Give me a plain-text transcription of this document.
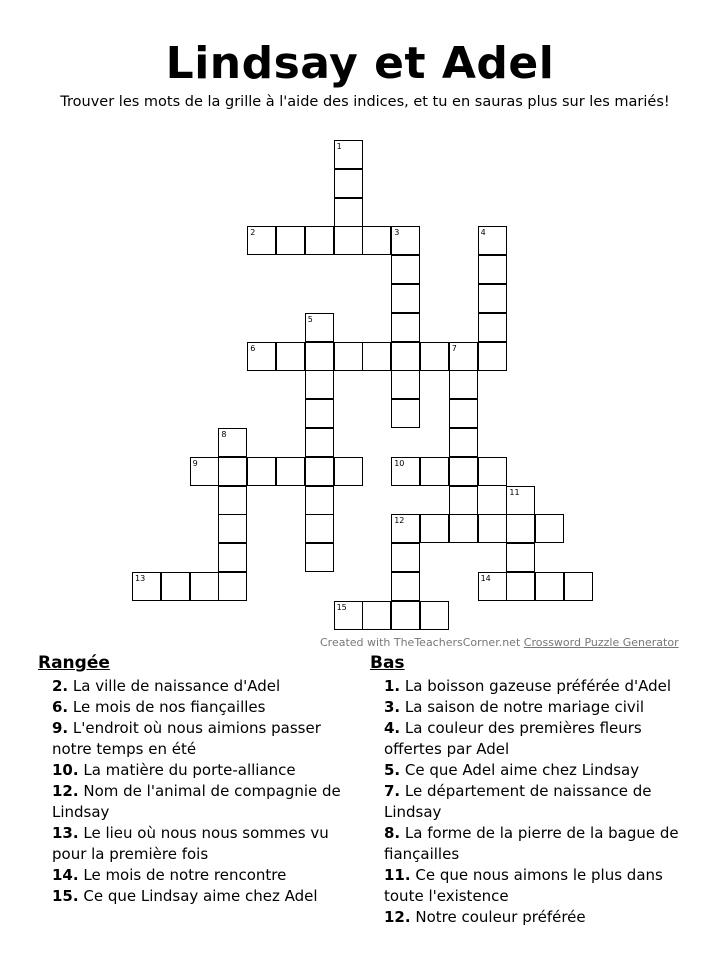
Lindsay et Adel
Trouver les mots de la grille à l'aide des indices, et tu en sauras plus sur les mariés!
1
2	3	4
5
6	7
8
9	10
11
12
13	14
15
Created with TheTeachersCorner.net Crossword Puzzle Generator
Rangée

2. La ville de naissance d'Adel

6. Le mois de nos fiançailles

9. L'endroit où nous aimions passer notre temps en été

10. La matière du porte-alliance

12. Nom de l'animal de compagnie de Lindsay

13. Le lieu où nous nous sommes vu pour la première fois

14. Le mois de notre rencontre

15. Ce que Lindsay aime chez Adel

Bas

1. La boisson gazeuse préférée d'Adel

3. La saison de notre mariage civil

4. La couleur des premières fleurs offertes par Adel

5. Ce que Adel aime chez Lindsay

7. Le département de naissance de Lindsay

8. La forme de la pierre de la bague de fiançailles

11. Ce que nous aimons le plus dans toute l'existence

12. Notre couleur préférée
